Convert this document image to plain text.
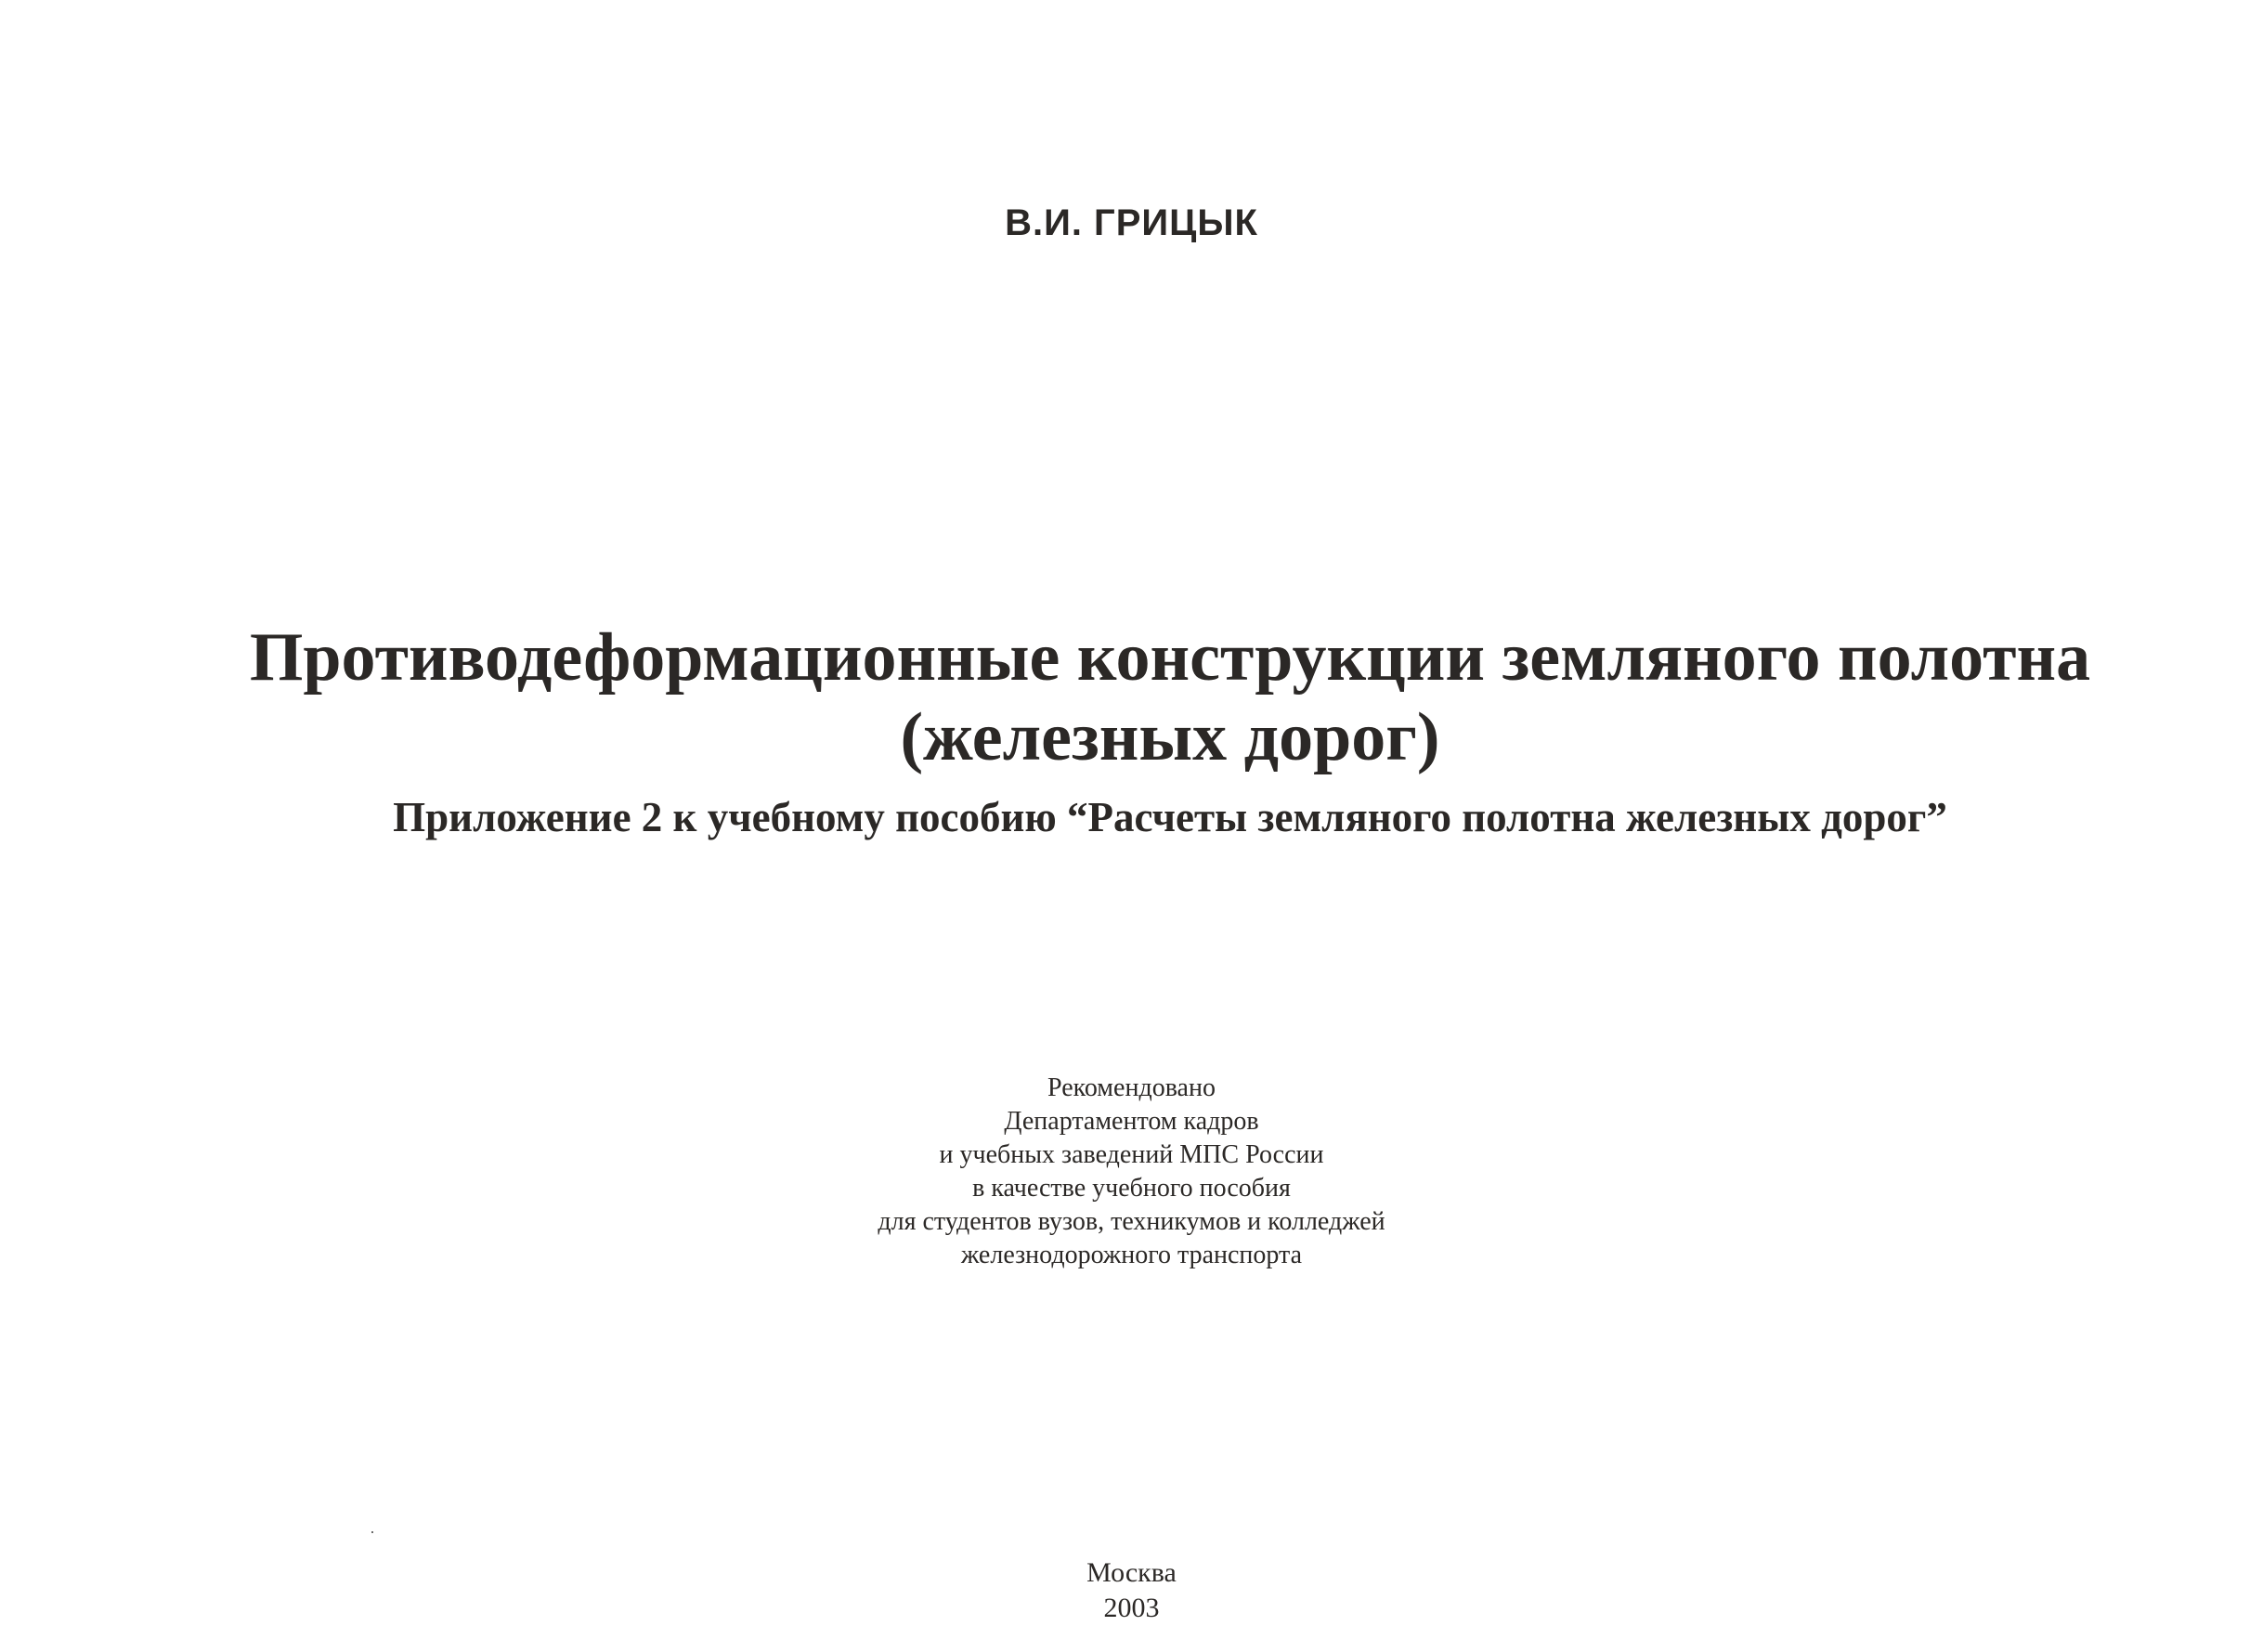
В.И. ГРИЦЫК
Противодеформационные конструкции земляного полотна
(железных дорог)
Приложение 2 к учебному пособию “Расчеты земляного полотна железных дорог”
Рекомендовано
Департаментом кадров
и учебных заведений МПС России
в качестве учебного пособия
для студентов вузов, техникумов и колледжей
железнодорожного транспорта
Москва
2003
